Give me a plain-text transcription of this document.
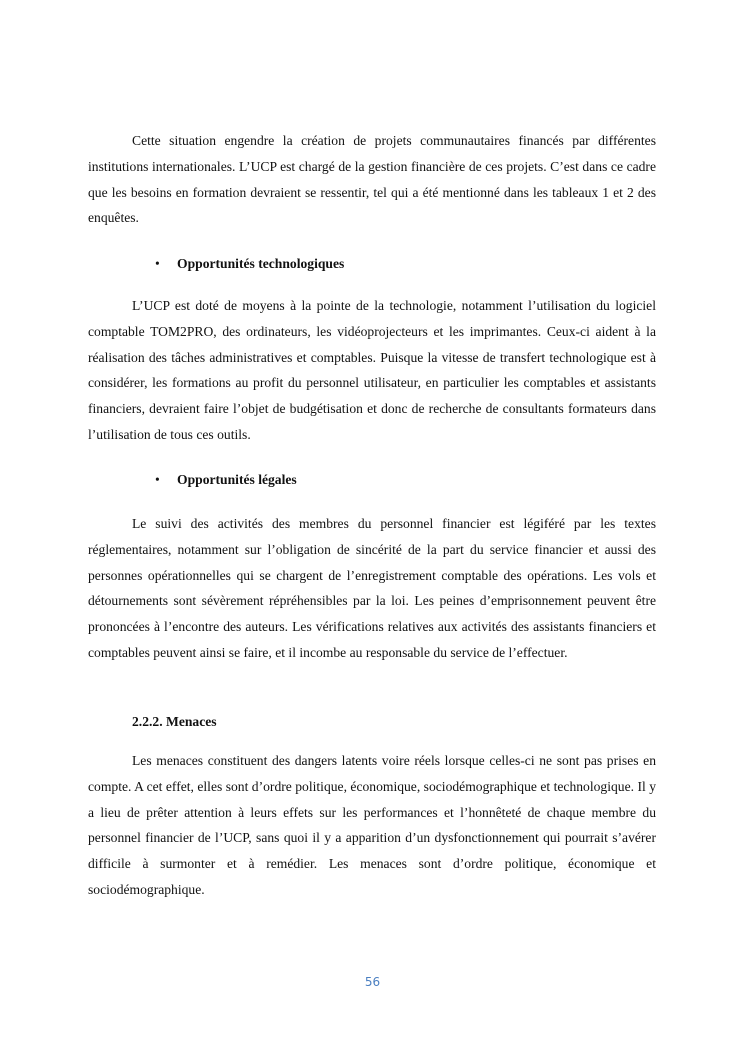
Cette situation engendre la création de projets communautaires financés par différentes institutions internationales. L’UCP est chargé de la gestion financière de ces projets. C’est dans ce cadre que les besoins en formation devraient se ressentir, tel qui a été mentionné dans les tableaux 1 et 2 des enquêtes.

• Opportunités technologiques

L’UCP est doté de moyens à la pointe de la technologie, notamment l’utilisation du logiciel comptable TOM2PRO, des ordinateurs, les vidéoprojecteurs et les imprimantes. Ceux-ci aident à la réalisation des tâches administratives et comptables. Puisque la vitesse de transfert technologique est à considérer, les formations au profit du personnel utilisateur, en particulier les comptables et assistants financiers, devraient faire l’objet de budgétisation et donc de recherche de consultants formateurs dans l’utilisation de tous ces outils.

• Opportunités légales

Le suivi des activités des membres du personnel financier est légiféré par les textes réglementaires, notamment sur l’obligation de sincérité de la part du service financier et aussi des personnes opérationnelles qui se chargent de l’enregistrement comptable des opérations. Les vols et détournements sont sévèrement répréhensibles par la loi. Les peines d’emprisonnement peuvent être prononcées à l’encontre des auteurs. Les vérifications relatives aux activités des assistants financiers et comptables peuvent ainsi se faire, et il incombe au responsable du service de l’effectuer.

2.2.2. Menaces

Les menaces constituent des dangers latents voire réels lorsque celles-ci ne sont pas prises en compte. A cet effet, elles sont d’ordre politique, économique, sociodémographique et technologique. Il y a lieu de prêter attention à leurs effets sur les performances et l’honnêteté de chaque membre du personnel financier de l’UCP, sans quoi il y a apparition d’un dysfonctionnement qui pourrait s’avérer difficile à surmonter et à remédier. Les menaces sont d’ordre politique, économique et sociodémographique.

56
